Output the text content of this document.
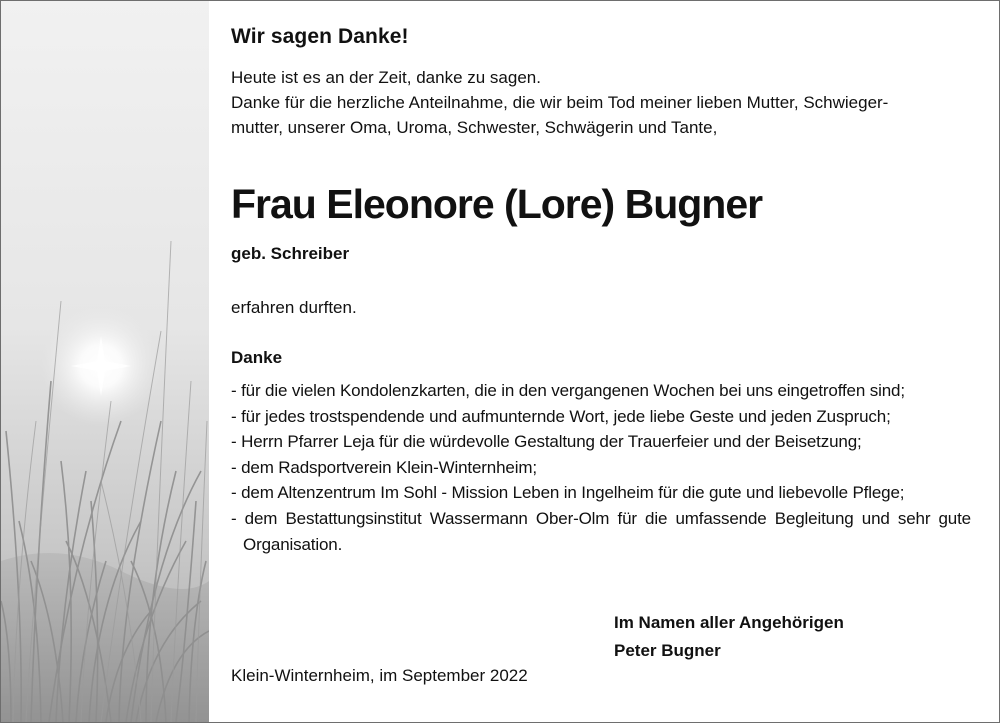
Wir sagen Danke!
Heute ist es an der Zeit, danke zu sagen.
Danke für die herzliche Anteilnahme, die wir beim Tod meiner lieben Mutter, Schwieger-
mutter, unserer Oma, Uroma, Schwester, Schwägerin und Tante,
Frau Eleonore (Lore) Bugner
geb. Schreiber
erfahren durften.
Danke
- für die vielen Kondolenzkarten, die in den vergangenen Wochen bei uns eingetroffen sind;
- für jedes trostspendende und aufmunternde Wort, jede liebe Geste und jeden Zuspruch;
- Herrn Pfarrer Leja für die würdevolle Gestaltung der Trauerfeier und der Beisetzung;
- dem Radsportverein Klein-Winternheim;
- dem Altenzentrum Im Sohl - Mission Leben in Ingelheim für die gute und liebevolle Pflege;
- dem Bestattungsinstitut Wassermann Ober-Olm für die umfassende Begleitung und sehr gute Organisation.
Im Namen aller Angehörigen
Peter Bugner
Klein-Winternheim, im September 2022
